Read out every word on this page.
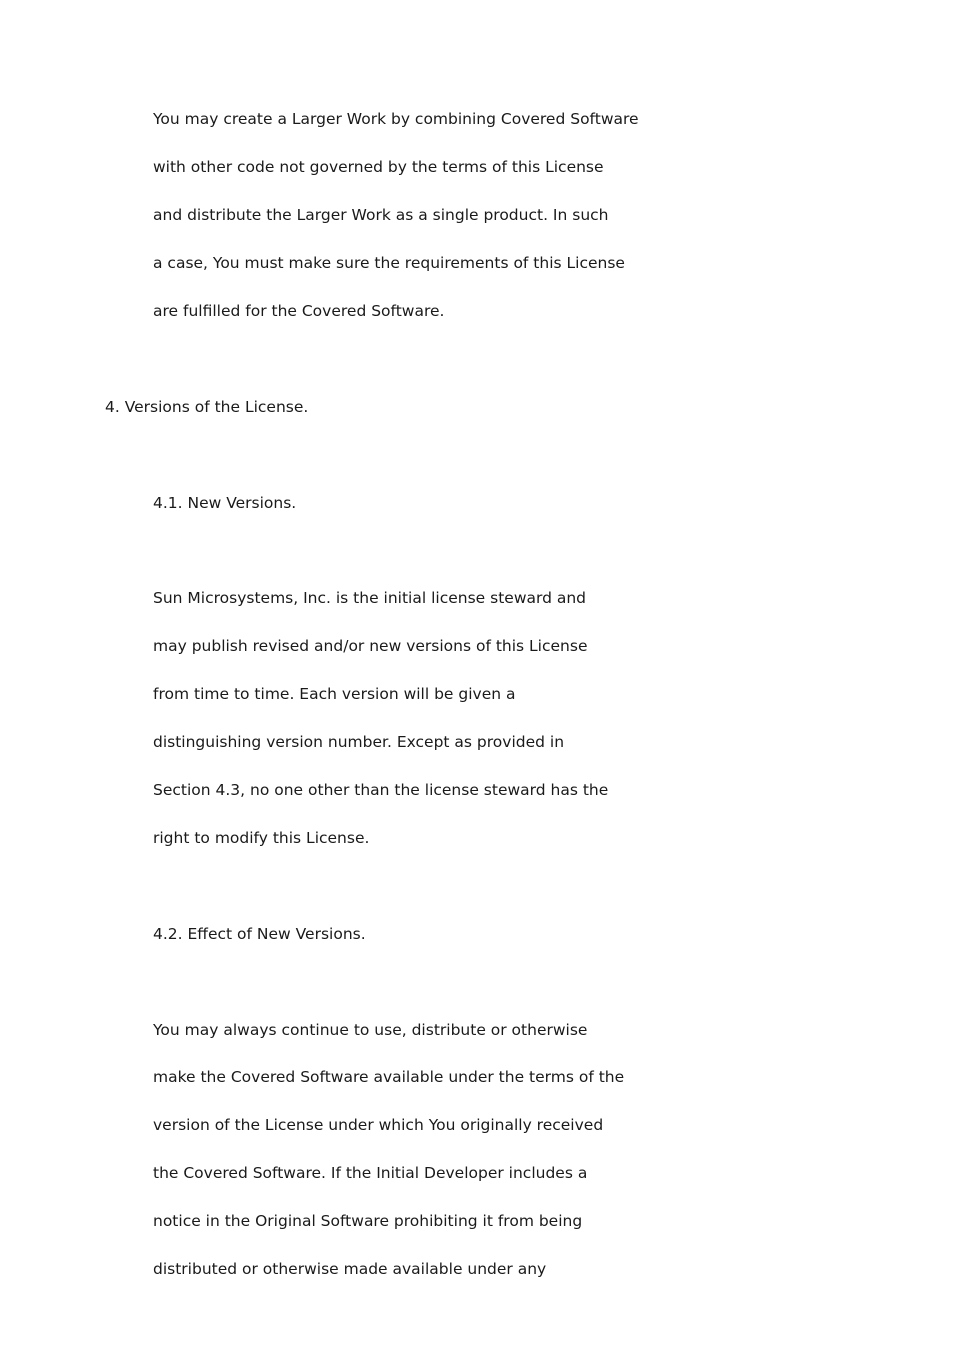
You may create a Larger Work by combining Covered Software
with other code not governed by the terms of this License
and distribute the Larger Work as a single product. In such
a case, You must make sure the requirements of this License
are fulfilled for the Covered Software.
4. Versions of the License.
4.1. New Versions.
Sun Microsystems, Inc. is the initial license steward and
may publish revised and/or new versions of this License
from time to time. Each version will be given a
distinguishing version number. Except as provided in
Section 4.3, no one other than the license steward has the
right to modify this License.
4.2. Effect of New Versions.
You may always continue to use, distribute or otherwise
make the Covered Software available under the terms of the
version of the License under which You originally received
the Covered Software. If the Initial Developer includes a
notice in the Original Software prohibiting it from being
distributed or otherwise made available under any
